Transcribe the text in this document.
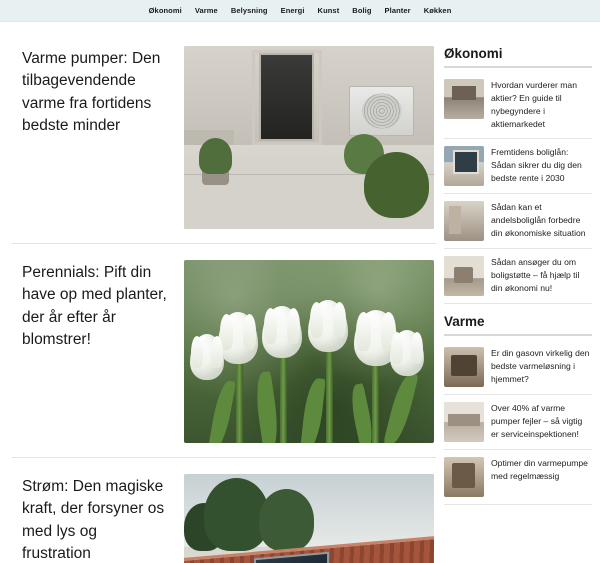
Økonomi Varme Belysning Energi Kunst Bolig Planter Køkken
Varme pumper: Den tilbagevendende varme fra fortidens bedste minder
Perennials: Pift din have op med planter, der år efter år blomstrer!
Strøm: Den magiske kraft, der forsyner os med lys og frustration
Økonomi
Hvordan vurderer man aktier? En guide til nybegyndere i aktiemarkedet
Fremtidens boliglån: Sådan sikrer du dig den bedste rente i 2030
Sådan kan et andelsboliglån forbedre din økonomiske situation
Sådan ansøger du om boligstøtte – få hjælp til din økonomi nu!
Varme
Er din gasovn virkelig den bedste varmeløsning i hjemmet?
Over 40% af varme pumper fejler – så vigtig er serviceinspektionen!
Optimer din varmepumpe med regelmæssig
